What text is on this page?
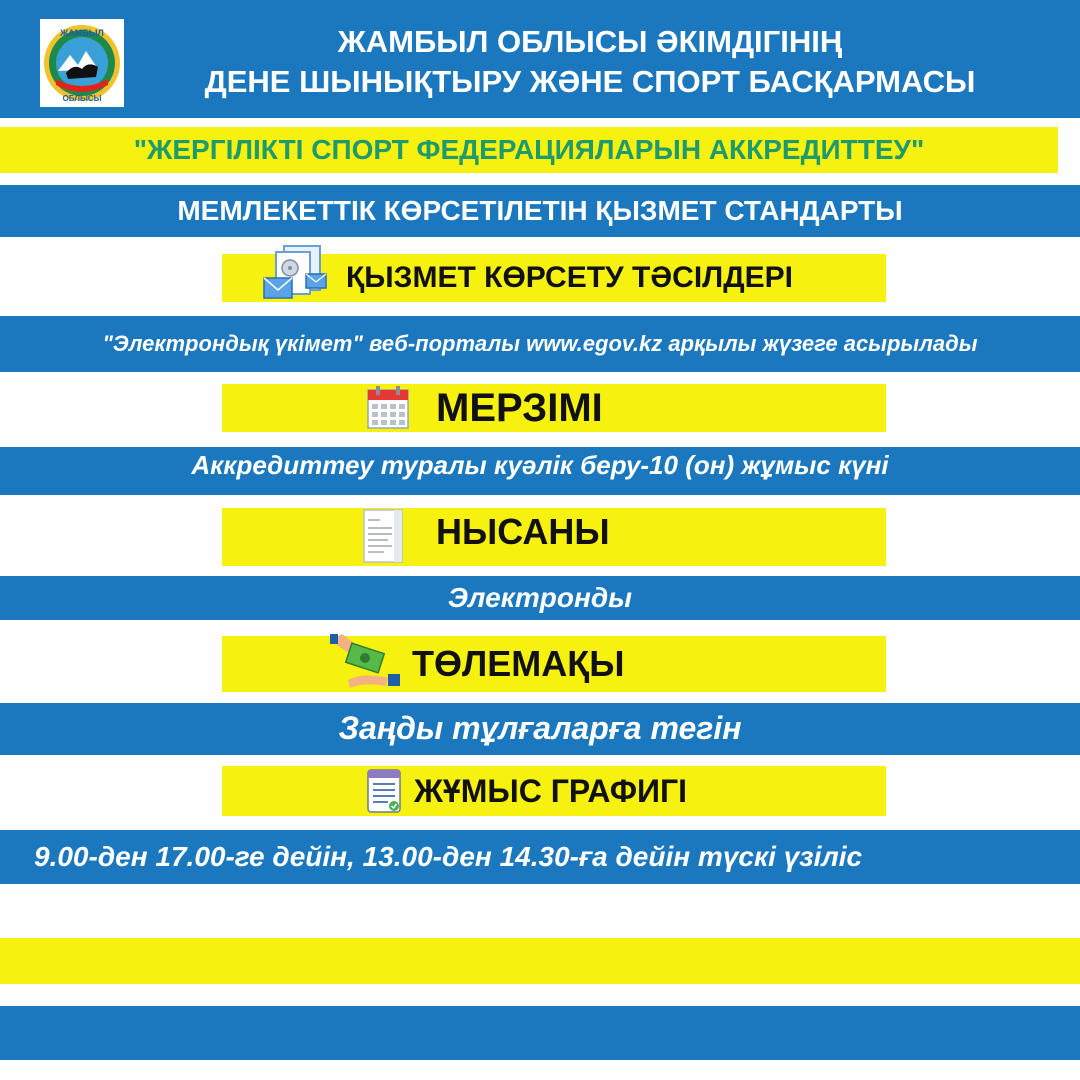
ЖАМБЫЛ
ОБЛЫСЫ
ЖАМБЫЛ ОБЛЫСЫ ӘКІМДІГІНІҢ
ДЕНЕ ШЫНЫҚТЫРУ ЖӘНЕ СПОРТ БАСҚАРМАСЫ
"ЖЕРГІЛІКТІ СПОРТ ФЕДЕРАЦИЯЛАРЫН АККРЕДИТТЕУ"
МЕМЛЕКЕТТІК КӨРСЕТІЛЕТІН ҚЫЗМЕТ СТАНДАРТЫ
ҚЫЗМЕТ КӨРСЕТУ ТӘСІЛДЕРІ
"Электрондық үкімет" веб-порталы www.egov.kz арқылы жүзеге асырылады
МЕРЗІМІ
Аккредиттеу туралы куәлік беру-10 (он) жұмыс күні
НЫСАНЫ
Электронды
ТӨЛЕМАҚЫ
Заңды тұлғаларға тегін
ЖҰМЫС ГРАФИГІ
9.00-ден 17.00-ге дейін, 13.00-ден 14.30-ға дейін түскі үзіліс
